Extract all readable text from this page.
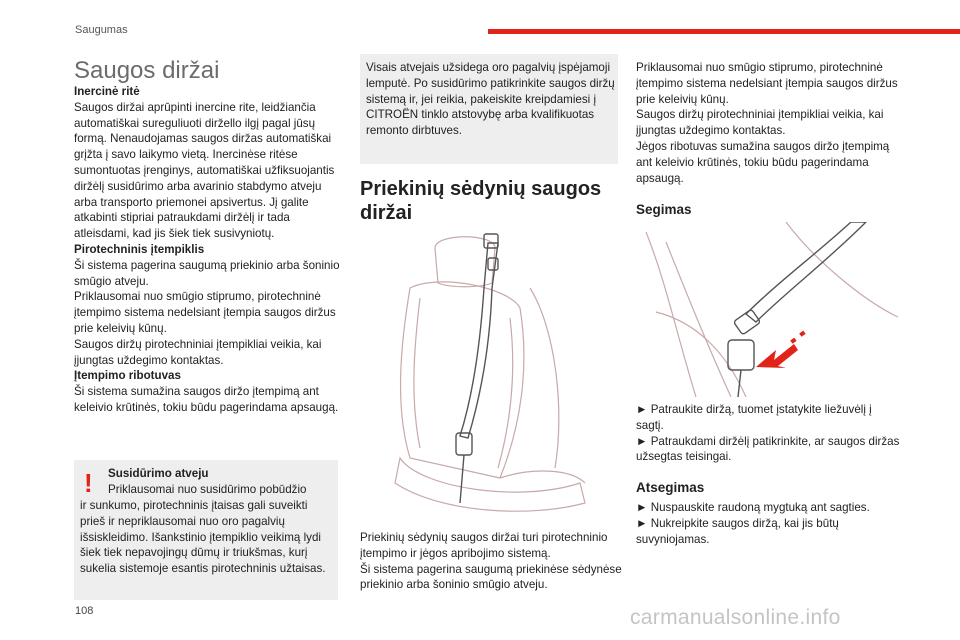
Saugumas
Saugos diržai

Inercinė ritė

Saugos diržai aprūpinti inercine rite, leidžiančia automatiškai sureguliuoti diržello ilgį pagal jūsų formą. Nenaudojamas saugos diržas automatiškai grįžta į savo laikymo vietą. Inercinėse ritėse sumontuotas įrenginys, automatiškai užfiksuojantis diržėlį susidūrimo arba avarinio stabdymo atveju arba transporto priemonei apsivertus. Jį galite atkabinti stipriai patraukdami diržėlį ir tada atleisdami, kad jis šiek tiek susivyniotų.

Pirotechninis įtempiklis

Ši sistema pagerina saugumą priekinio arba šoninio smūgio atveju.

Priklausomai nuo smūgio stiprumo, pirotechninė įtempimo sistema nedelsiant įtempia saugos diržus prie keleivių kūnų.

Saugos diržų pirotechniniai įtempikliai veikia, kai įjungtas uždegimo kontaktas.

Įtempimo ribotuvas

Ši sistema sumažina saugos diržo įtempimą ant keleivio krūtinės, tokiu būdu pagerindama apsaugą.

! Susidūrimo atveju

Priklausomai nuo susidūrimo pobūdžio

ir sunkumo, pirotechninis įtaisas gali suveikti prieš ir nepriklausomai nuo oro pagalvių išsiskleidimo. Išankstinio įtempiklio veikimą lydi šiek tiek nepavojingų dūmų ir triukšmas, kurį sukelia sistemoje esantis pirotechninis užtaisas.

Visais atvejais užsidega oro pagalvių įspėjamoji lemputė. Po susidūrimo patikrinkite saugos diržų sistemą ir, jei reikia, pakeiskite kreipdamiesi į CITROËN tinklo atstovybę arba kvalifikuotas remonto dirbtuves.

Priekinių sėdynių saugos diržai

Priekinių sėdynių saugos diržai turi pirotechninio įtempimo ir jėgos apribojimo sistemą.

Ši sistema pagerina saugumą priekinėse sėdynėse priekinio arba šoninio smūgio atveju.

Priklausomai nuo smūgio stiprumo, pirotechninė įtempimo sistema nedelsiant įtempia saugos diržus prie keleivių kūnų.

Saugos diržų pirotechniniai įtempikliai veikia, kai įjungtas uždegimo kontaktas.

Jėgos ribotuvas sumažina saugos diržo įtempimą ant keleivio krūtinės, tokiu būdu pagerindama apsaugą.

Segimas

► Patraukite diržą, tuomet įstatykite liežuvėlį į sagtį.

► Patraukdami diržėlį patikrinkite, ar saugos diržas užsegtas teisingai.

Atsegimas

► Nuspauskite raudoną mygtuką ant sagties.

► Nukreipkite saugos diržą, kai jis būtų suvyniojamas.

108	carmanualsonline.info
